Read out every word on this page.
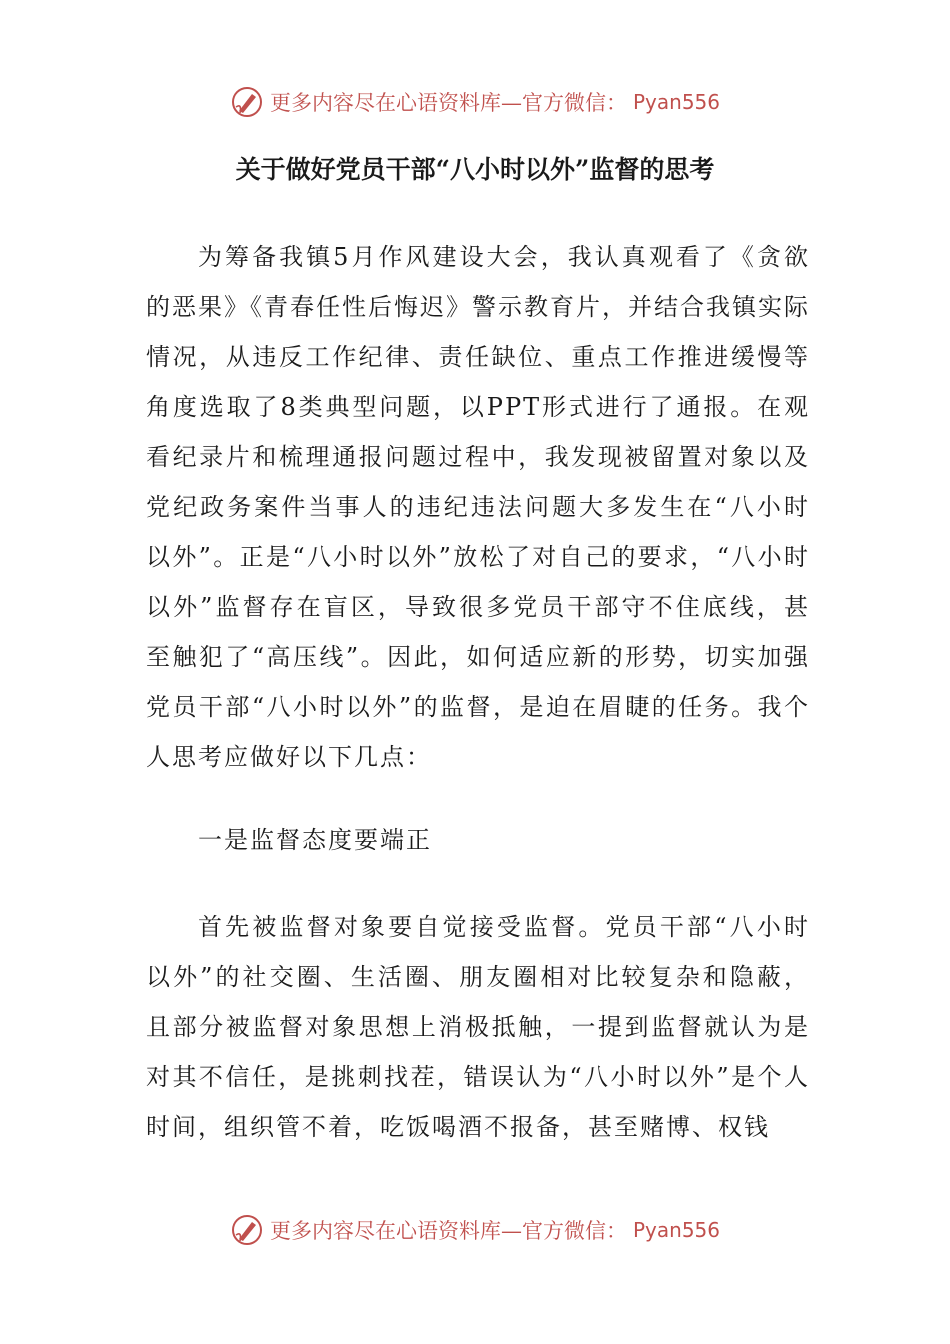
更多内容尽在心语资料库—官方微信： Pyan556
关于做好党员干部“八小时以外”监督的思考

为筹备我镇5月作风建设大会，我认真观看了《贪欲的恶果》《青春任性后悔迟》警示教育片，并结合我镇实际情况，从违反工作纪律、责任缺位、重点工作推进缓慢等角度选取了8类典型问题，以PPT形式进行了通报。在观看纪录片和梳理通报问题过程中，我发现被留置对象以及党纪政务案件当事人的违纪违法问题大多发生在“八小时以外”。正是“八小时以外”放松了对自己的要求，“八小时以外”监督存在盲区，导致很多党员干部守不住底线，甚至触犯了“高压线”。因此，如何适应新的形势，切实加强党员干部“八小时以外”的监督，是迫在眉睫的任务。我个人思考应做好以下几点：

一是监督态度要端正

首先被监督对象要自觉接受监督。党员干部“八小时以外”的社交圈、生活圈、朋友圈相对比较复杂和隐蔽，且部分被监督对象思想上消极抵触，一提到监督就认为是对其不信任，是挑刺找茬，错误认为“八小时以外”是个人时间，组织管不着，吃饭喝酒不报备，甚至赌博、权钱

更多内容尽在心语资料库—官方微信： Pyan556
